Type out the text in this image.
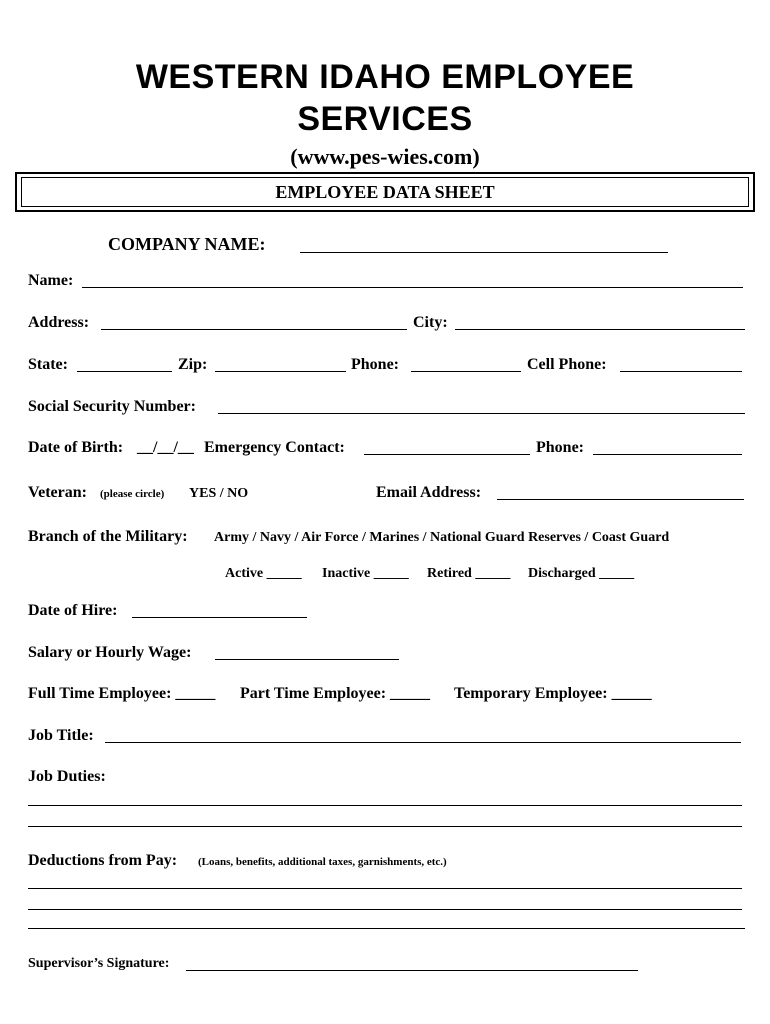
WESTERN IDAHO EMPLOYEE
SERVICES
(www.pes-wies.com)
EMPLOYEE DATA SHEET
COMPANY NAME:
Name:
Address:	City:
State:	Zip:	Phone:	Cell Phone:
Social Security Number:
Date of Birth: __/__/__ Emergency Contact:	Phone:
Veteran: (please circle) YES / NO	Email Address:
Branch of the Military: Army / Navy / Air Force / Marines / National Guard Reserves / Coast Guard
Active _____ Inactive _____ Retired _____ Discharged _____
Date of Hire:
Salary or Hourly Wage:
Full Time Employee: _____ Part Time Employee: _____ Temporary Employee: _____
Job Title:
Job Duties:
Deductions from Pay: (Loans, benefits, additional taxes, garnishments, etc.)
Supervisor’s Signature:
